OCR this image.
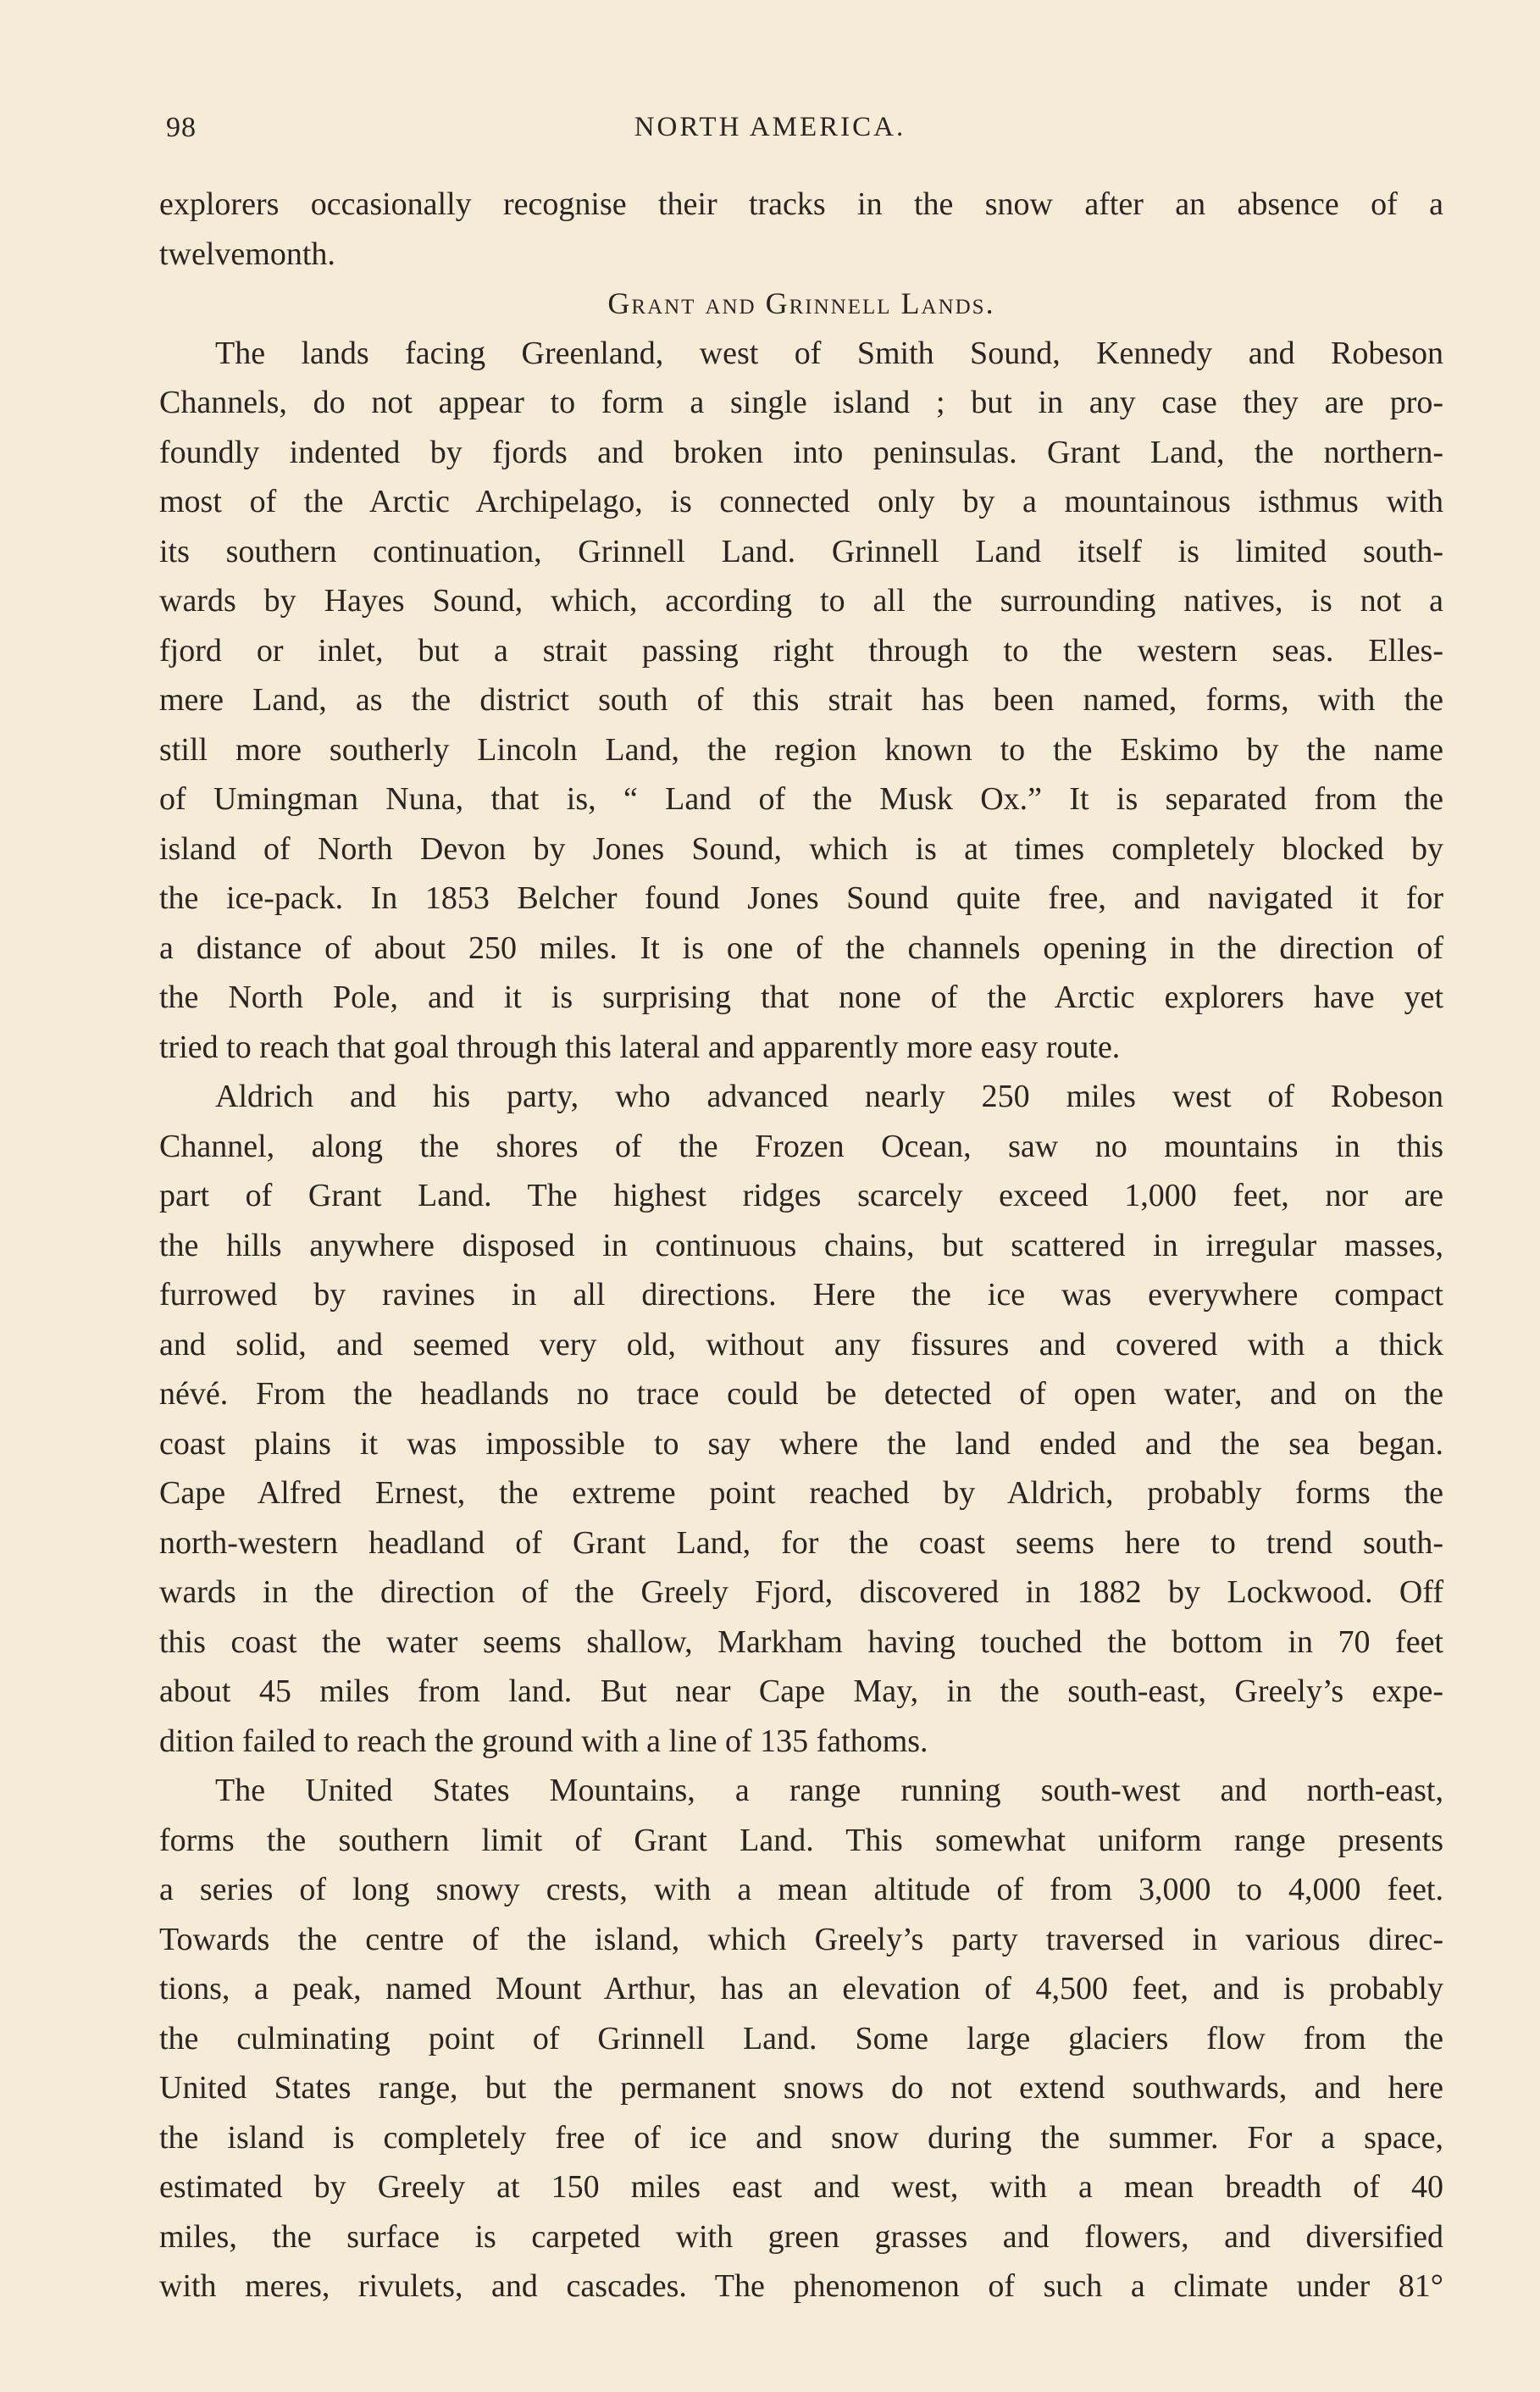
98	NORTH AMERICA.
explorers occasionally recognise their tracks in the snow after an absence of a
twelvemonth.
Grant and Grinnell Lands.
The lands facing Greenland, west of Smith Sound, Kennedy and Robeson
Channels, do not appear to form a single island ; but in any case they are pro-
foundly indented by fjords and broken into peninsulas. Grant Land, the northern-
most of the Arctic Archipelago, is connected only by a mountainous isthmus with
its southern continuation, Grinnell Land. Grinnell Land itself is limited south-
wards by Hayes Sound, which, according to all the surrounding natives, is not a
fjord or inlet, but a strait passing right through to the western seas. Elles-
mere Land, as the district south of this strait has been named, forms, with the
still more southerly Lincoln Land, the region known to the Eskimo by the name
of Umingman Nuna, that is, “ Land of the Musk Ox.” It is separated from the
island of North Devon by Jones Sound, which is at times completely blocked by
the ice-pack. In 1853 Belcher found Jones Sound quite free, and navigated it for
a distance of about 250 miles. It is one of the channels opening in the direction of
the North Pole, and it is surprising that none of the Arctic explorers have yet
tried to reach that goal through this lateral and apparently more easy route.
Aldrich and his party, who advanced nearly 250 miles west of Robeson
Channel, along the shores of the Frozen Ocean, saw no mountains in this
part of Grant Land. The highest ridges scarcely exceed 1,000 feet, nor are
the hills anywhere disposed in continuous chains, but scattered in irregular masses,
furrowed by ravines in all directions. Here the ice was everywhere compact
and solid, and seemed very old, without any fissures and covered with a thick
névé. From the headlands no trace could be detected of open water, and on the
coast plains it was impossible to say where the land ended and the sea began.
Cape Alfred Ernest, the extreme point reached by Aldrich, probably forms the
north-western headland of Grant Land, for the coast seems here to trend south-
wards in the direction of the Greely Fjord, discovered in 1882 by Lockwood. Off
this coast the water seems shallow, Markham having touched the bottom in 70 feet
about 45 miles from land. But near Cape May, in the south-east, Greely’s expe-
dition failed to reach the ground with a line of 135 fathoms.
The United States Mountains, a range running south-west and north-east,
forms the southern limit of Grant Land. This somewhat uniform range presents
a series of long snowy crests, with a mean altitude of from 3,000 to 4,000 feet.
Towards the centre of the island, which Greely’s party traversed in various direc-
tions, a peak, named Mount Arthur, has an elevation of 4,500 feet, and is probably
the culminating point of Grinnell Land. Some large glaciers flow from the
United States range, but the permanent snows do not extend southwards, and here
the island is completely free of ice and snow during the summer. For a space,
estimated by Greely at 150 miles east and west, with a mean breadth of 40
miles, the surface is carpeted with green grasses and flowers, and diversified
with meres, rivulets, and cascades. The phenomenon of such a climate under 81°
